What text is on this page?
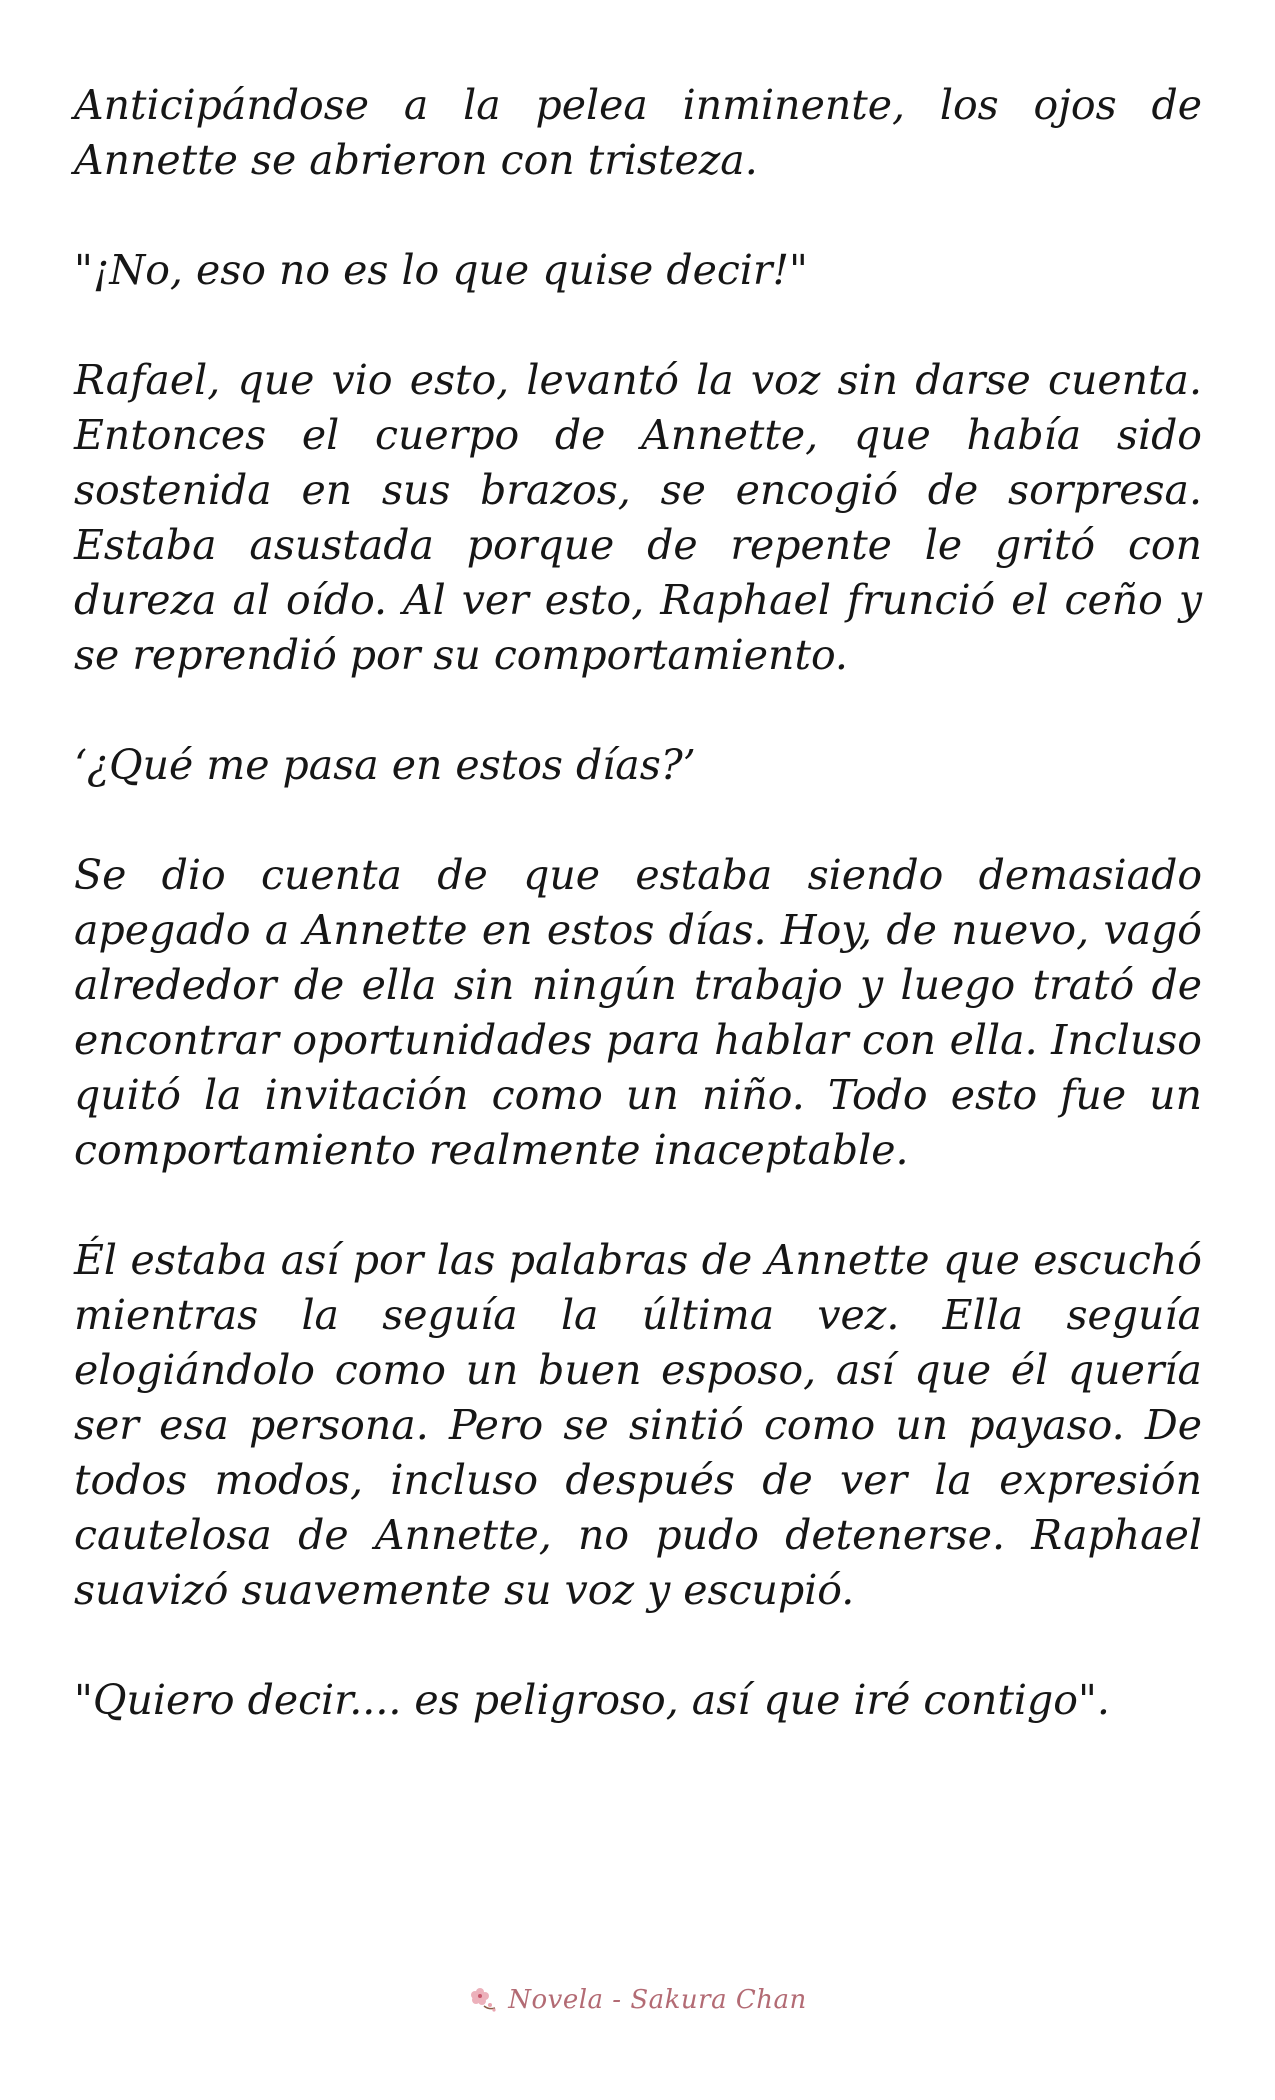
Anticipándose a la pelea inminente, los ojos de Annette se abrieron con tristeza.

"¡No, eso no es lo que quise decir!"

Rafael, que vio esto, levantó la voz sin darse cuenta. Entonces el cuerpo de Annette, que había sido sostenida en sus brazos, se encogió de sorpresa. Estaba asustada porque de repente le gritó con dureza al oído. Al ver esto, Raphael frunció el ceño y se reprendió por su comportamiento.

‘¿Qué me pasa en estos días?’

Se dio cuenta de que estaba siendo demasiado apegado a Annette en estos días. Hoy, de nuevo, vagó alrededor de ella sin ningún trabajo y luego trató de encontrar oportunidades para hablar con ella. Incluso quitó la invitación como un niño. Todo esto fue un comportamiento realmente inaceptable.

Él estaba así por las palabras de Annette que escuchó mientras la seguía la última vez. Ella seguía elogiándolo como un buen esposo, así que él quería ser esa persona. Pero se sintió como un payaso. De todos modos, incluso después de ver la expresión cautelosa de Annette, no pudo detenerse. Raphael suavizó suavemente su voz y escupió.

"Quiero decir.... es peligroso, así que iré contigo".

Novela - Sakura Chan
